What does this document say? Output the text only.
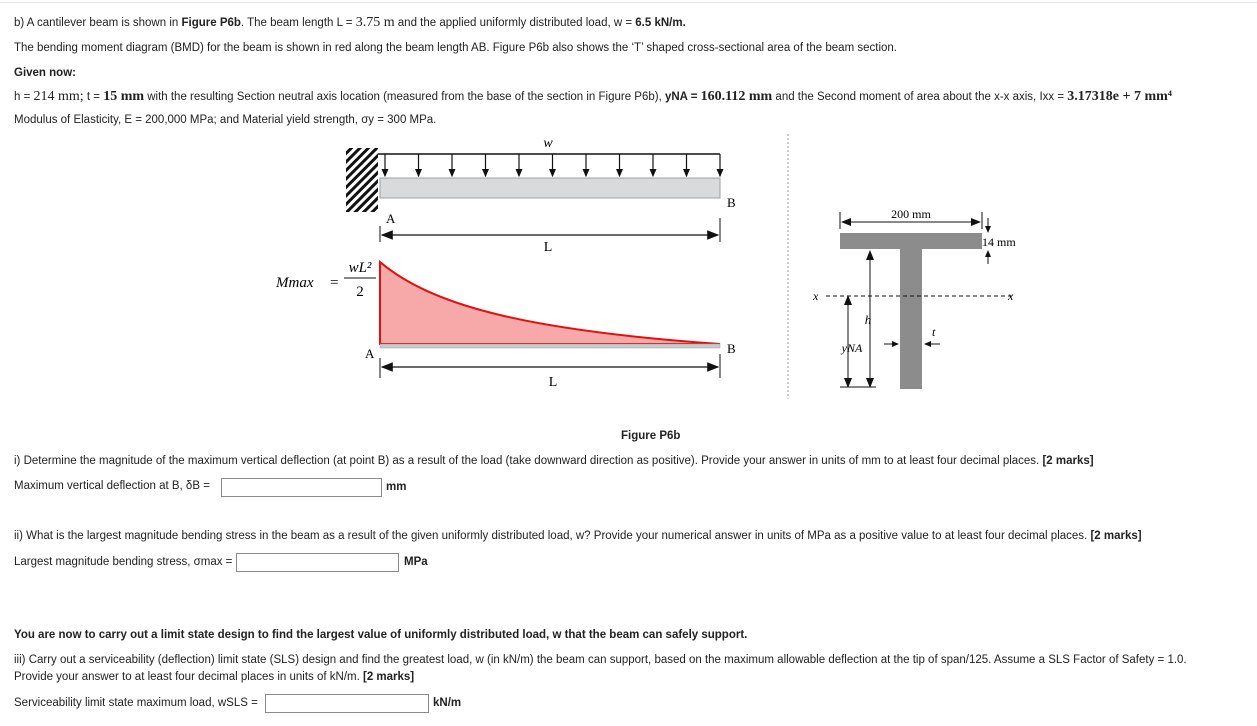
b) A cantilever beam is shown in Figure P6b. The beam length L = 3.75 m and the applied uniformly distributed load, w = 6.5 kN/m.
The bending moment diagram (BMD) for the beam is shown in red along the beam length AB. Figure P6b also shows the ‘T’ shaped cross-sectional area of the beam section.
Given now:
h = 214 mm; t = 15 mm with the resulting Section neutral axis location (measured from the base of the section in Figure P6b), yNA = 160.112 mm and the Second moment of area about the x-x axis, Ixx = 3.17318e + 7 mm⁴
Modulus of Elasticity, E = 200,000 MPa; and Material yield strength, σy = 300 MPa.
w
A
B
L
Mmax =
wL²
2
A	B
L
200 mm
14 mm
x	x
h
yNA
t
Figure P6b
i) Determine the magnitude of the maximum vertical deflection (at point B) as a result of the load (take downward direction as positive). Provide your answer in units of mm to at least four decimal places. [2 marks]
Maximum vertical deflection at B, δB =	mm
ii) What is the largest magnitude bending stress in the beam as a result of the given uniformly distributed load, w? Provide your numerical answer in units of MPa as a positive value to at least four decimal places. [2 marks]
Largest magnitude bending stress, σmax =	MPa
You are now to carry out a limit state design to find the largest value of uniformly distributed load, w that the beam can safely support.
iii) Carry out a serviceability (deflection) limit state (SLS) design and find the greatest load, w (in kN/m) the beam can support, based on the maximum allowable deflection at the tip of span/125. Assume a SLS Factor of Safety = 1.0.
Provide your answer to at least four decimal places in units of kN/m. [2 marks]
Serviceability limit state maximum load, wSLS =	kN/m
